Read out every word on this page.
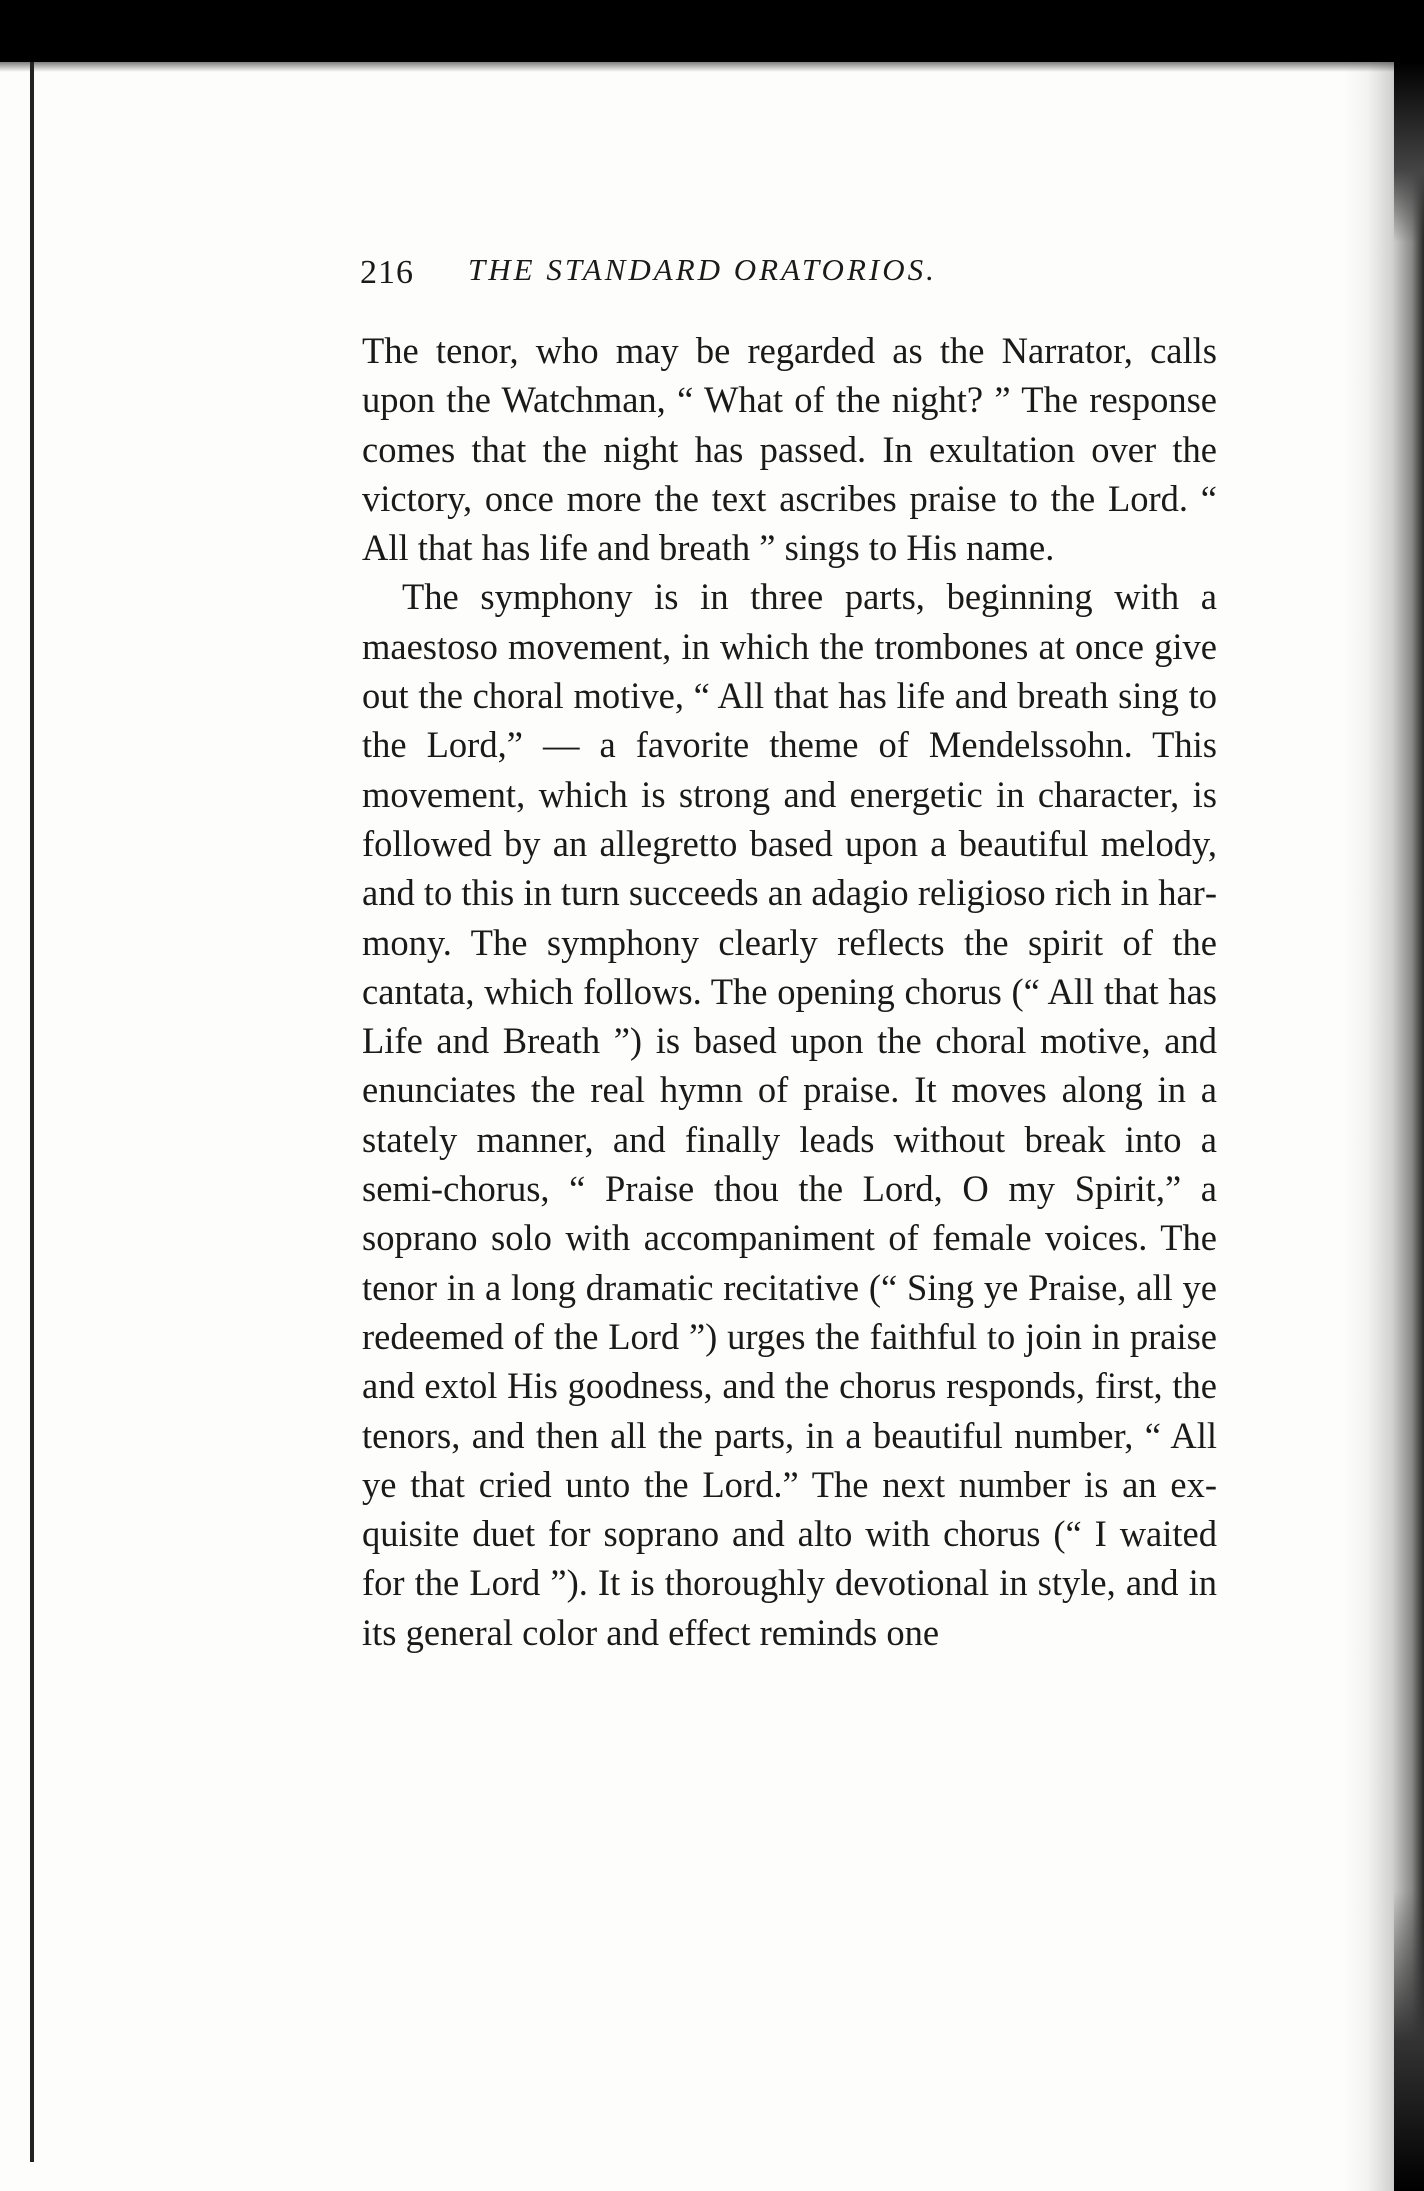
216 THE STANDARD ORATORIOS.

The tenor, who may be regarded as the Narrator, calls upon the Watchman, “ What of the night? ” The response comes that the night has passed. In exultation over the victory, once more the text ascribes praise to the Lord. “ All that has life and breath ” sings to His name.

The symphony is in three parts, beginning with a maestoso movement, in which the trombones at once give out the choral motive, “ All that has life and breath sing to the Lord,” — a favorite theme of Mendelssohn. This movement, which is strong and energetic in character, is followed by an allegretto based upon a beautiful melody, and to this in turn succeeds an adagio religioso rich in harmony. The symphony clearly reflects the spirit of the cantata, which follows. The opening chorus (“ All that has Life and Breath ”) is based upon the choral motive, and enunciates the real hymn of praise. It moves along in a stately manner, and finally leads without break into a semi-chorus, “ Praise thou the Lord, O my Spirit,” a soprano solo with accompaniment of female voices. The tenor in a long dramatic recitative (“ Sing ye Praise, all ye redeemed of the Lord ”) urges the faithful to join in praise and extol His goodness, and the chorus responds, first, the tenors, and then all the parts, in a beautiful number, “ All ye that cried unto the Lord.” The next number is an exquisite duet for soprano and alto with chorus (“ I waited for the Lord ”). It is thoroughly devotional in style, and in its general color and effect reminds one
